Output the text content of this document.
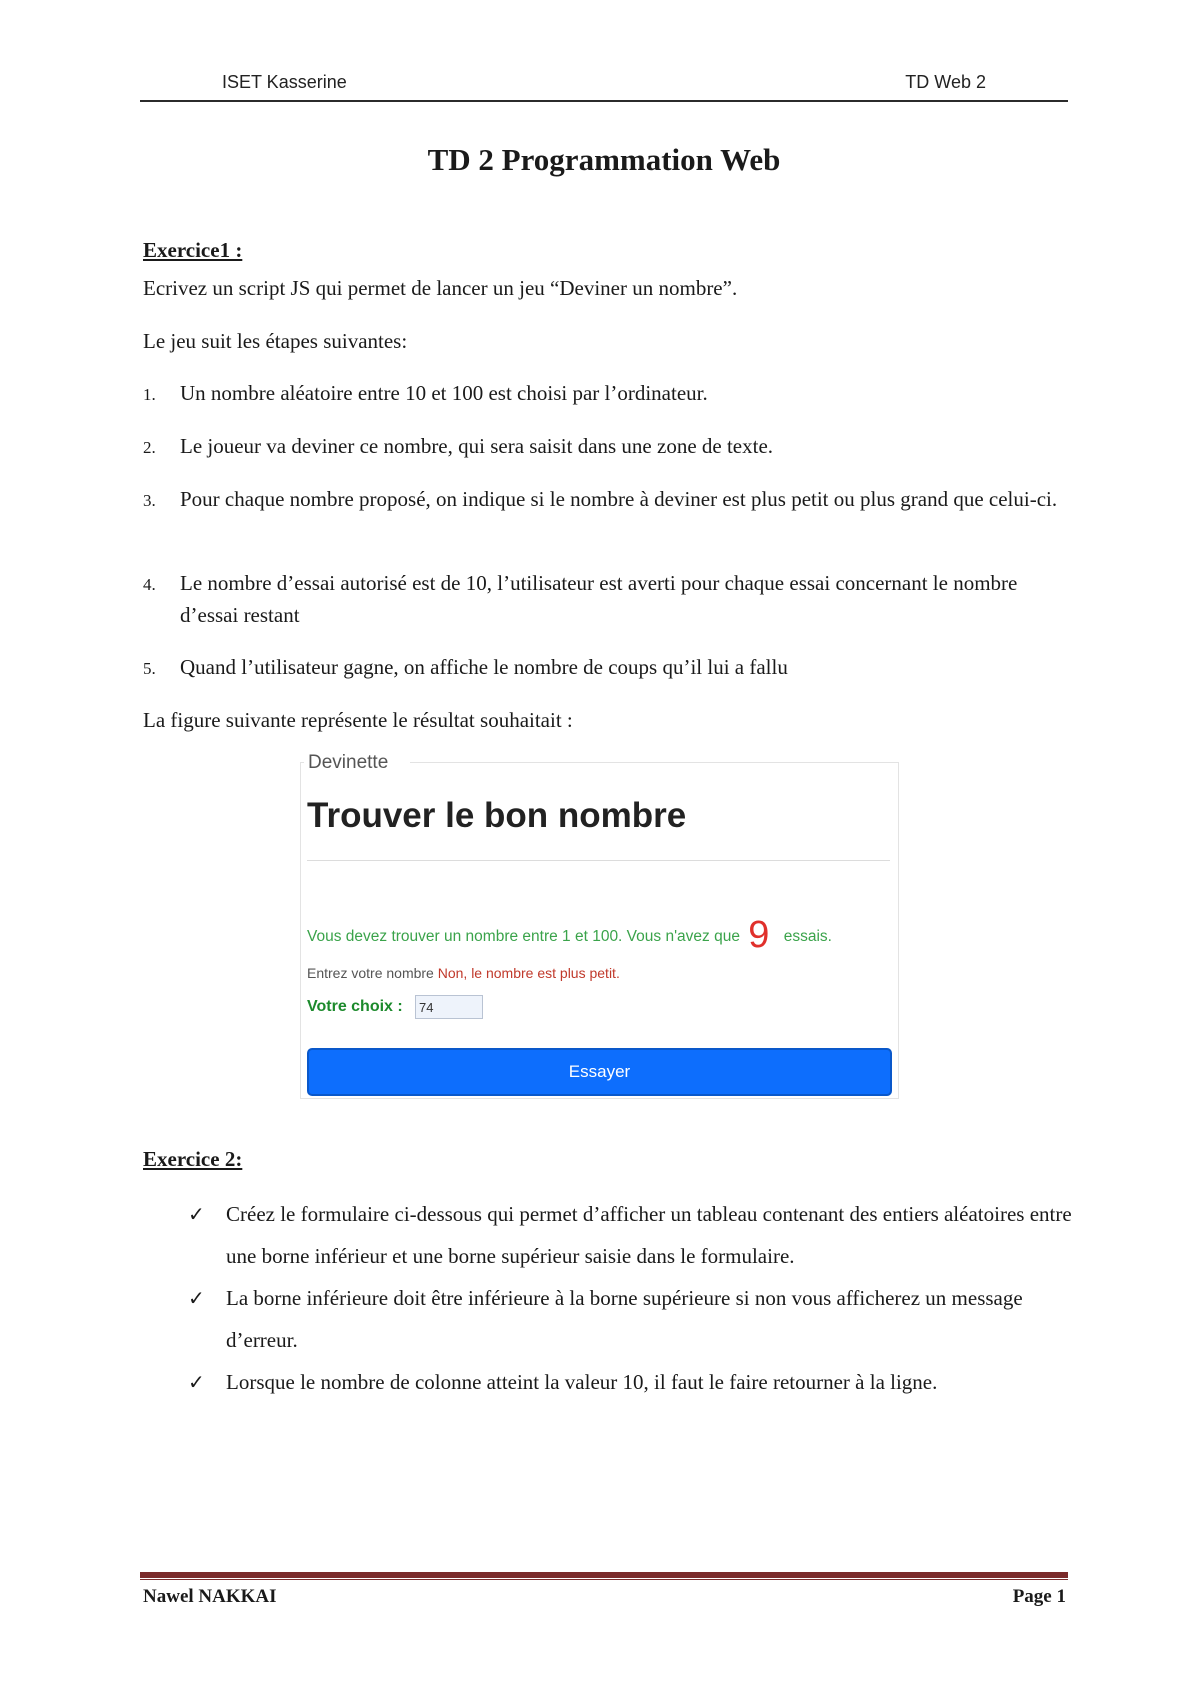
ISET Kasserine	TD Web 2
TD 2 Programmation Web
Exercice1 :
Ecrivez un script JS qui permet de lancer un jeu “Deviner un nombre”.
Le jeu suit les étapes suivantes:
1. Un nombre aléatoire entre 10 et 100 est choisi par l’ordinateur.
2. Le joueur va deviner ce nombre, qui sera saisit dans une zone de texte.
3. Pour chaque nombre proposé, on indique si le nombre à deviner est plus petit ou plus grand que celui-ci.
4. Le nombre d’essai autorisé est de 10, l’utilisateur est averti pour chaque essai concernant le nombre d’essai restant
5. Quand l’utilisateur gagne, on affiche le nombre de coups qu’il lui a fallu
La figure suivante représente le résultat souhaitait :
Devinette
Trouver le bon nombre
Vous devez trouver un nombre entre 1 et 100. Vous n'avez que 9 essais.
Entrez votre nombre Non, le nombre est plus petit.
Votre choix :
74
Essayer
Exercice 2:
✓ Créez le formulaire ci-dessous qui permet d’afficher un tableau contenant des entiers aléatoires entre une borne inférieur et une borne supérieur saisie dans le formulaire.
✓ La borne inférieure doit être inférieure à la borne supérieure si non vous afficherez un message d’erreur.
✓ Lorsque le nombre de colonne atteint la valeur 10, il faut le faire retourner à la ligne.
Nawel NAKKAI	Page 1
